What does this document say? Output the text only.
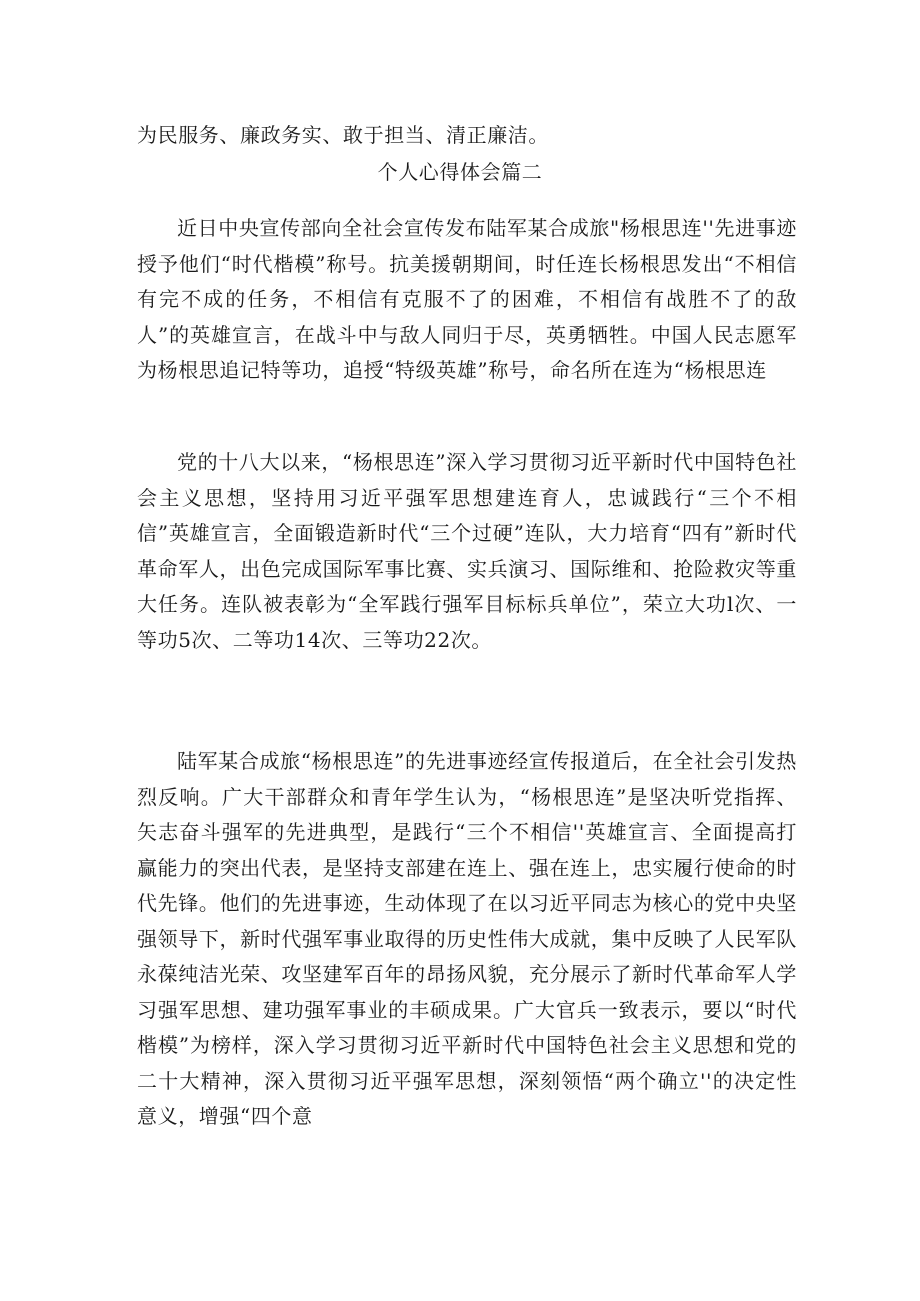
为民服务、廉政务实、敢于担当、清正廉洁。

个人心得体会篇二

近日中央宣传部向全社会宣传发布陆军某合成旅"杨根思连''先进事迹授予他们“时代楷模”称号。抗美援朝期间，时任连长杨根思发出“不相信有完不成的任务，不相信有克服不了的困难，不相信有战胜不了的敌人”的英雄宣言，在战斗中与敌人同归于尽，英勇牺牲。中国人民志愿军为杨根思追记特等功，追授“特级英雄”称号，命名所在连为“杨根思连

党的十八大以来，“杨根思连”深入学习贯彻习近平新时代中国特色社会主义思想，坚持用习近平强军思想建连育人，忠诚践行“三个不相信”英雄宣言，全面锻造新时代“三个过硬”连队，大力培育“四有”新时代革命军人，出色完成国际军事比赛、实兵演习、国际维和、抢险救灾等重大任务。连队被表彰为“全军践行强军目标标兵单位”，荣立大功l次、一等功5次、二等功14次、三等功22次。

陆军某合成旅“杨根思连”的先进事迹经宣传报道后，在全社会引发热烈反响。广大干部群众和青年学生认为，“杨根思连”是坚决听党指挥、矢志奋斗强军的先进典型，是践行“三个不相信''英雄宣言、全面提高打赢能力的突出代表，是坚持支部建在连上、强在连上，忠实履行使命的时代先锋。他们的先进事迹，生动体现了在以习近平同志为核心的党中央坚强领导下，新时代强军事业取得的历史性伟大成就，集中反映了人民军队永葆纯洁光荣、攻坚建军百年的昂扬风貌，充分展示了新时代革命军人学习强军思想、建功强军事业的丰硕成果。广大官兵一致表示，要以“时代楷模”为榜样，深入学习贯彻习近平新时代中国特色社会主义思想和党的二十大精神，深入贯彻习近平强军思想，深刻领悟“两个确立''的决定性意义，增强“四个意
